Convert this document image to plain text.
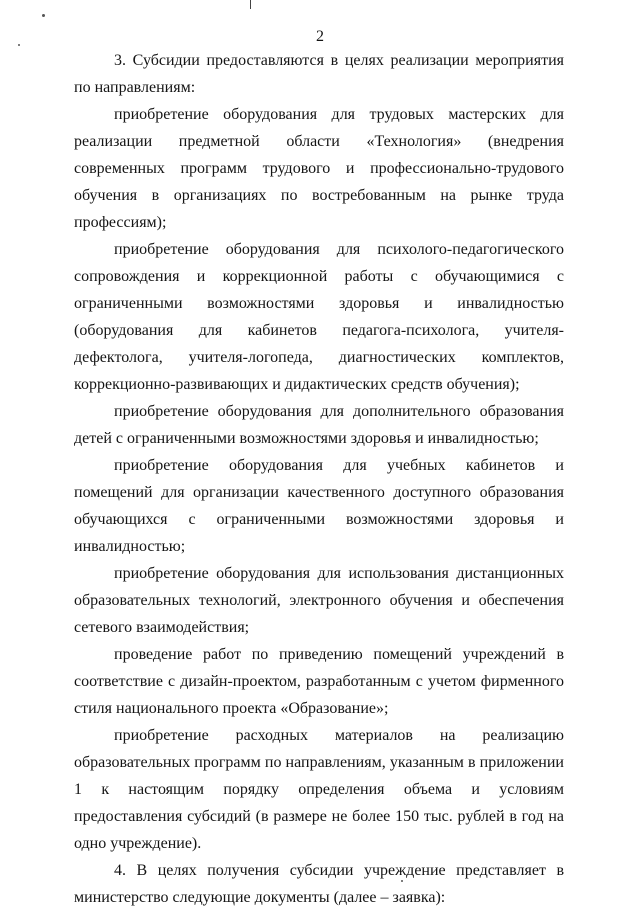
2

3. Субсидии предоставляются в целях реализации мероприятия по направлениям:

приобретение оборудования для трудовых мастерских для реализации предметной области «Технология» (внедрения современных программ трудового и профессионально-трудового обучения в организациях по востребованным на рынке труда профессиям);

приобретение оборудования для психолого-педагогического сопровождения и коррекционной работы с обучающимися с ограниченными возможностями здоровья и инвалидностью (оборудования для кабинетов педагога-психолога, учителя-дефектолога, учителя-логопеда, диагностических комплектов, коррекционно-развивающих и дидактических средств обучения);

приобретение оборудования для дополнительного образования детей с ограниченными возможностями здоровья и инвалидностью;

приобретение оборудования для учебных кабинетов и помещений для организации качественного доступного образования обучающихся с ограниченными возможностями здоровья и инвалидностью;

приобретение оборудования для использования дистанционных образовательных технологий, электронного обучения и обеспечения сетевого взаимодействия;

проведение работ по приведению помещений учреждений в соответствие с дизайн-проектом, разработанным с учетом фирменного стиля национального проекта «Образование»;

приобретение расходных материалов на реализацию образовательных программ по направлениям, указанным в приложении 1 к настоящим порядку определения объема и условиям предоставления субсидий (в размере не более 150 тыс. рублей в год на одно учреждение).

4. В целях получения субсидии учреждение представляет в министерство следующие документы (далее – заявка):
